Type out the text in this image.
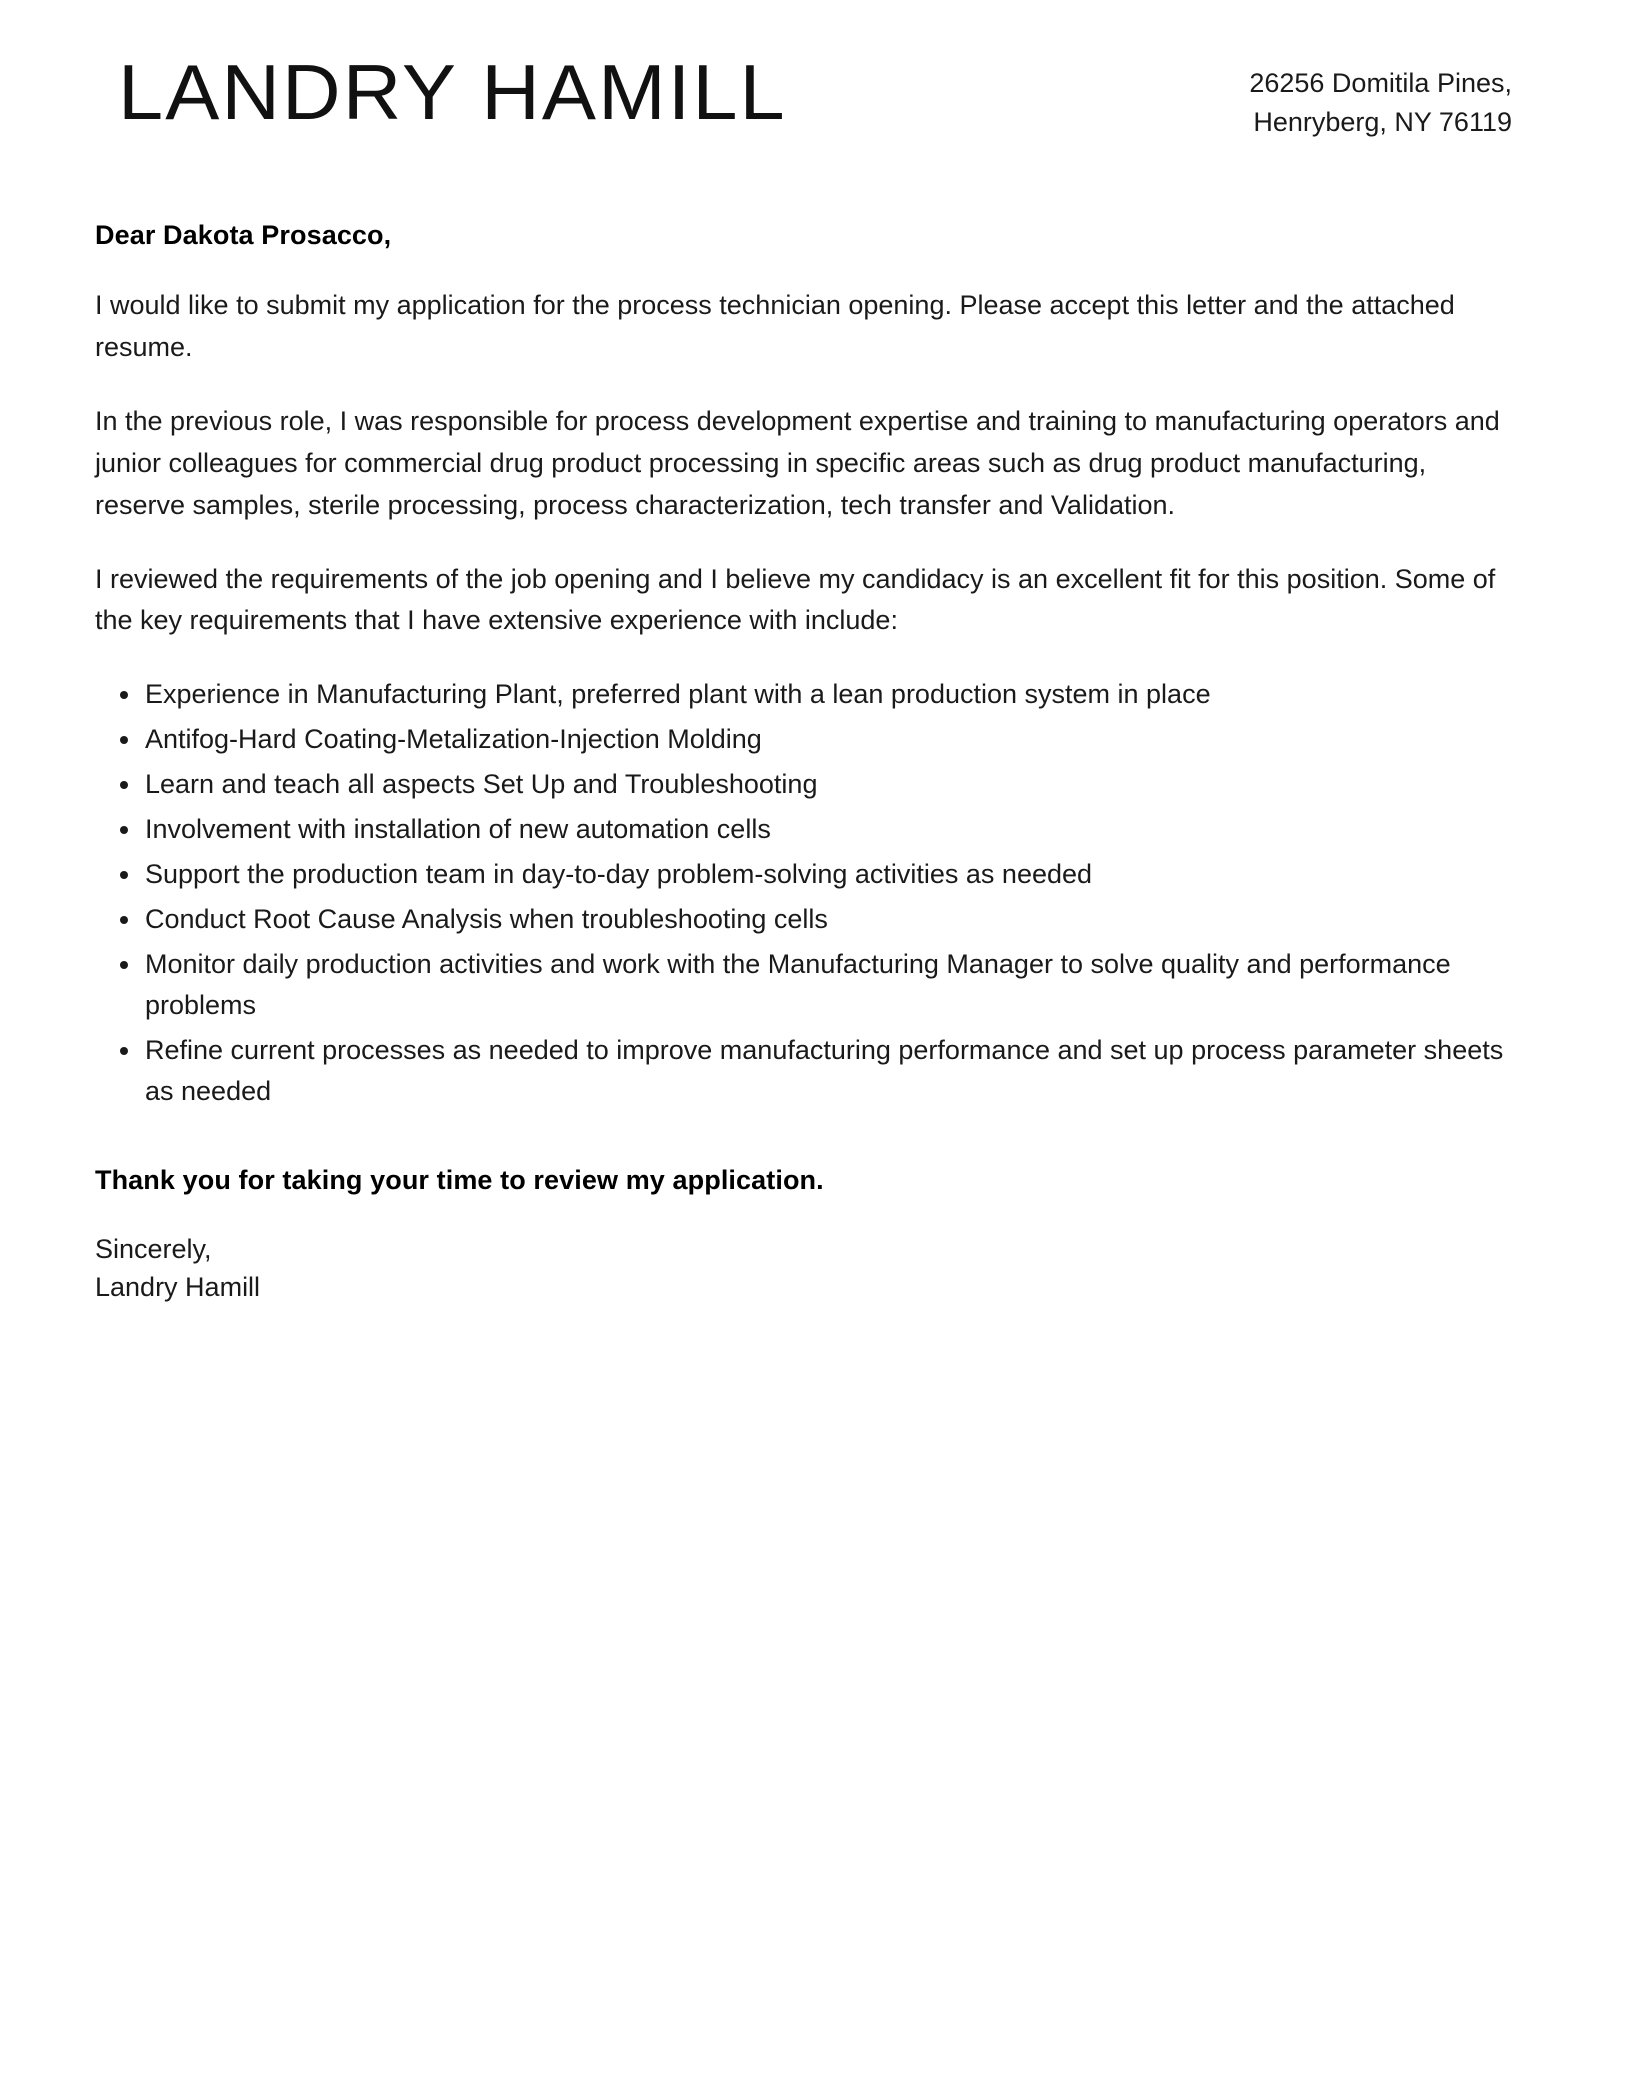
LANDRY HAMILL	26256 Domitila Pines,
Henryberg, NY 76119

Dear Dakota Prosacco,

I would like to submit my application for the process technician opening. Please accept this letter and the attached resume.

In the previous role, I was responsible for process development expertise and training to manufacturing operators and junior colleagues for commercial drug product processing in specific areas such as drug product manufacturing, reserve samples, sterile processing, process characterization, tech transfer and Validation.

I reviewed the requirements of the job opening and I believe my candidacy is an excellent fit for this position. Some of the key requirements that I have extensive experience with include:

Experience in Manufacturing Plant, preferred plant with a lean production system in place
Antifog-Hard Coating-Metalization-Injection Molding
Learn and teach all aspects Set Up and Troubleshooting
Involvement with installation of new automation cells
Support the production team in day-to-day problem-solving activities as needed
Conduct Root Cause Analysis when troubleshooting cells
Monitor daily production activities and work with the Manufacturing Manager to solve quality and performance problems
Refine current processes as needed to improve manufacturing performance and set up process parameter sheets as needed

Thank you for taking your time to review my application.

Sincerely,
Landry Hamill
